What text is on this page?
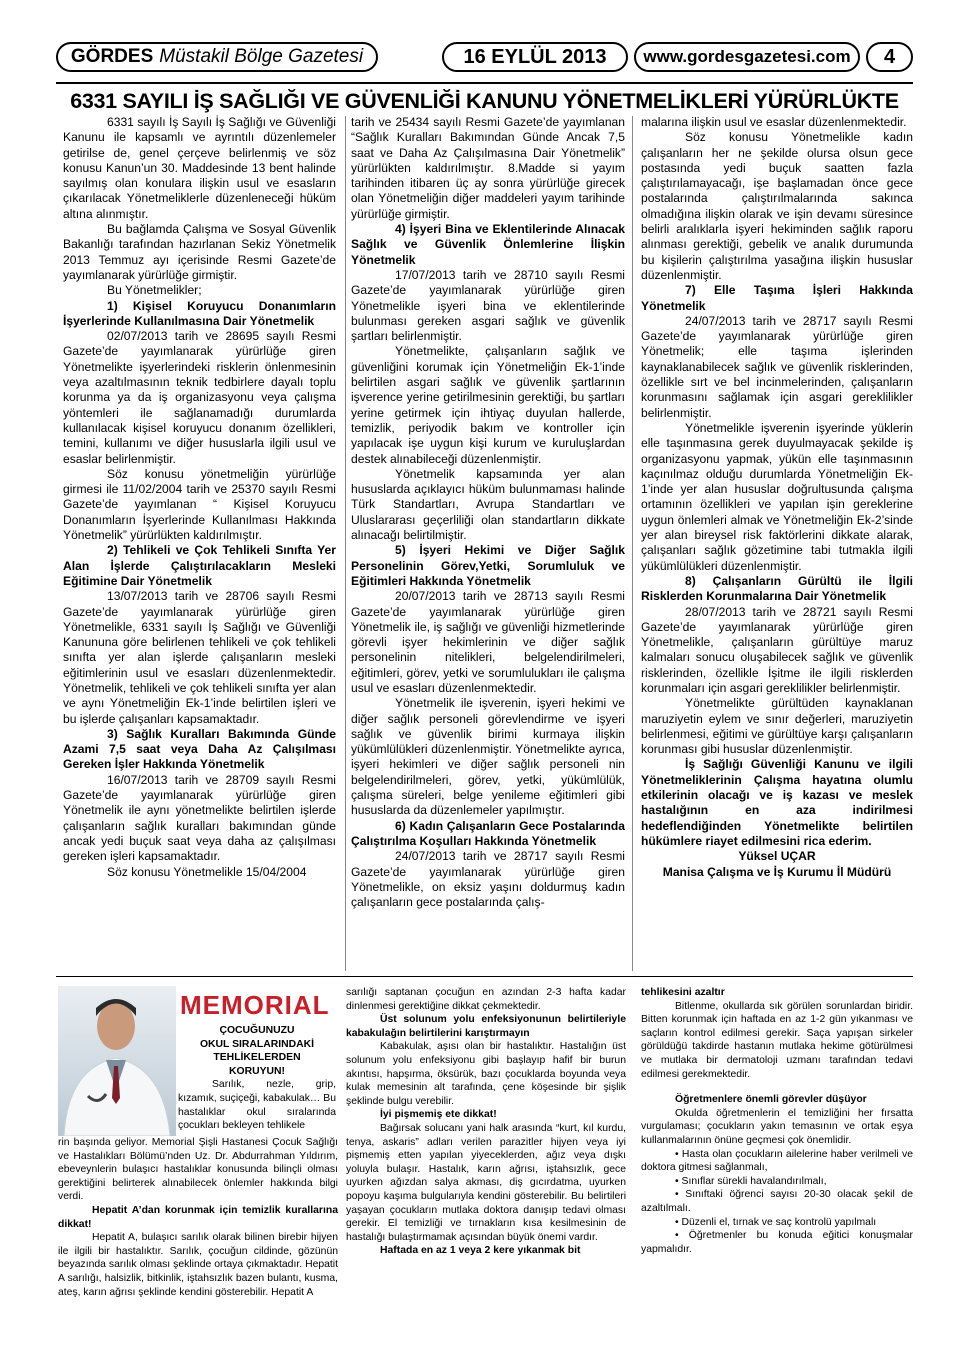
GÖRDES Müstakil Bölge Gazetesi	16 EYLÜL 2013	www.gordesgazetesi.com	4
6331 SAYILI İŞ SAĞLIĞI VE GÜVENLİĞİ KANUNU YÖNETMELİKLERİ YÜRÜRLÜKTE

6331 sayılı İş Sayılı İş Sağlığı ve Güvenliği Kanunu ile kapsamlı ve ayrıntılı düzenlemeler getirilse de, genel çerçeve belirlenmiş ve söz konusu Kanun’un 30. Maddesinde 13 bent halinde sayılmış olan konulara ilişkin usul ve esasların çıkarılacak Yönetmeliklerle düzenleneceği hüküm altına alınmıştır.

Bu bağlamda Çalışma ve Sosyal Güvenlik Bakanlığı tarafından hazırlanan Sekiz Yönetmelik 2013 Temmuz ayı içerisinde Resmi Gazete’de yayımlanarak yürürlüğe girmiştir.

Bu Yönetmelikler;

1) Kişisel Koruyucu Donanımların İşyerlerinde Kullanılmasına Dair Yönetmelik

02/07/2013 tarih ve 28695 sayılı Resmi Gazete’de yayımlanarak yürürlüğe giren Yönetmelikte işyerlerindeki risklerin önlenmesinin veya azaltılmasının teknik tedbirlere dayalı toplu korunma ya da iş organizasyonu veya çalışma yöntemleri ile sağlanamadığı durumlarda kullanılacak kişisel koruyucu donanım özellikleri, temini, kullanımı ve diğer hususlarla ilgili usul ve esaslar belirlenmiştir.

Söz konusu yönetmeliğin yürürlüğe girmesi ile 11/02/2004 tarih ve 25370 sayılı Resmi Gazete’de yayımlanan “ Kişisel Koruyucu Donanımların İşyerlerinde Kullanılması Hakkında Yönetmelik” yürürlükten kaldırılmıştır.

2) Tehlikeli ve Çok Tehlikeli Sınıfta Yer Alan İşlerde Çalıştırılacakların Mesleki Eğitimine Dair Yönetmelik

13/07/2013 tarih ve 28706 sayılı Resmi Gazete’de yayımlanarak yürürlüğe giren Yönetmelikle, 6331 sayılı İş Sağlığı ve Güvenliği Kanununa göre belirlenen tehlikeli ve çok tehlikeli sınıfta yer alan işlerde çalışanların mesleki eğitimlerinin usul ve esasları düzenlenmektedir. Yönetmelik, tehlikeli ve çok tehlikeli sınıfta yer alan ve aynı Yönetmeliğin Ek-1’inde belirtilen işleri ve bu işlerde çalışanları kapsamaktadır.

3) Sağlık Kuralları Bakımında Günde Azami 7,5 saat veya Daha Az Çalışılması Gereken İşler Hakkında Yönetmelik

16/07/2013 tarih ve 28709 sayılı Resmi Gazete’de yayımlanarak yürürlüğe giren Yönetmelik ile aynı yönetmelikte belirtilen işlerde çalışanların sağlık kuralları bakımından günde ancak yedi buçuk saat veya daha az çalışılması gereken işleri kapsamaktadır.

Söz konusu Yönetmelikle 15/04/2004

tarih ve 25434 sayılı Resmi Gazete’de yayımlanan “Sağlık Kuralları Bakımından Günde Ancak 7,5 saat ve Daha Az Çalışılmasına Dair Yönetmelik” yürürlükten kaldırılmıştır. 8.Madde si yayım tarihinden itibaren üç ay sonra yürürlüğe girecek olan Yönetmeliğin diğer maddeleri yayım tarihinde yürürlüğe girmiştir.

4) İşyeri Bina ve Eklentilerinde Alınacak Sağlık ve Güvenlik Önlemlerine İlişkin Yönetmelik

17/07/2013 tarih ve 28710 sayılı Resmi Gazete’de yayımlanarak yürürlüğe giren Yönetmelikle işyeri bina ve eklentilerinde bulunması gereken asgari sağlık ve güvenlik şartları belirlenmiştir.

Yönetmelikte, çalışanların sağlık ve güvenliğini korumak için Yönetmeliğin Ek-1’inde belirtilen asgari sağlık ve güvenlik şartlarının işverence yerine getirilmesinin gerektiği, bu şartları yerine getirmek için ihtiyaç duyulan hallerde, temizlik, periyodik bakım ve kontroller için yapılacak işe uygun kişi kurum ve kuruluşlardan destek alınabileceği düzenlenmiştir.

Yönetmelik kapsamında yer alan hususlarda açıklayıcı hüküm bulunmaması halinde Türk Standartları, Avrupa Standartları ve Uluslararası geçerliliği olan standartların dikkate alınacağı belirtilmiştir.

5) İşyeri Hekimi ve Diğer Sağlık Personelinin Görev,Yetki, Sorumluluk ve Eğitimleri Hakkında Yönetmelik

20/07/2013 tarih ve 28713 sayılı Resmi Gazete’de yayımlanarak yürürlüğe giren Yönetmelik ile, iş sağlığı ve güvenliği hizmetlerinde görevli işyer hekimlerinin ve diğer sağlık personelinin nitelikleri, belgelendirilmeleri, eğitimleri, görev, yetki ve sorumlulukları ile çalışma usul ve esasları düzenlenmektedir.

Yönetmelik ile işverenin, işyeri hekimi ve diğer sağlık personeli görevlendirme ve işyeri sağlık ve güvenlik birimi kurmaya ilişkin yükümlülükleri düzenlenmiştir. Yönetmelikte ayrıca, işyeri hekimleri ve diğer sağlık personeli nin belgelendirilmeleri, görev, yetki, yükümlülük, çalışma süreleri, belge yenileme eğitimleri gibi hususlarda da düzenlemeler yapılmıştır.

6) Kadın Çalışanların Gece Postalarında Çalıştırılma Koşulları Hakkında Yönetmelik

24/07/2013 tarih ve 28717 sayılı Resmi Gazete’de yayımlanarak yürürlüğe giren Yönetmelikle, on eksiz yaşını doldurmuş kadın çalışanların gece postalarında çalış-

malarına ilişkin usul ve esaslar düzenlenmektedir.

Söz konusu Yönetmelikle kadın çalışanların her ne şekilde olursa olsun gece postasında yedi buçuk saatten fazla çalıştırılamayacağı, işe başlamadan önce gece postalarında çalıştırılmalarında sakınca olmadığına ilişkin olarak ve işin devamı süresince belirli aralıklarla işyeri hekiminden sağlık raporu alınması gerektiği, gebelik ve analık durumunda bu kişilerin çalıştırılma yasağına ilişkin hususlar düzenlenmiştir.

7) Elle Taşıma İşleri Hakkında Yönetmelik

24/07/2013 tarih ve 28717 sayılı Resmi Gazete’de yayımlanarak yürürlüğe giren Yönetmelik; elle taşıma işlerinden kaynaklanabilecek sağlık ve güvenlik risklerinden, özellikle sırt ve bel incinmelerinden, çalışanların korunmasını sağlamak için asgari gereklilikler belirlenmiştir.

Yönetmelikle işverenin işyerinde yüklerin elle taşınmasına gerek duyulmayacak şekilde iş organizasyonu yapmak, yükün elle taşınmasının kaçınılmaz olduğu durumlarda Yönetmeliğin Ek-1’inde yer alan hususlar doğrultusunda çalışma ortamının özellikleri ve yapılan işin gereklerine uygun önlemleri almak ve Yönetmeliğin Ek-2’sinde yer alan bireysel risk faktörlerini dikkate alarak, çalışanları sağlık gözetimine tabi tutmakla ilgili yükümlülükleri düzenlenmiştir.

8) Çalışanların Gürültü ile İlgili Risklerden Korunmalarına Dair Yönetmelik

28/07/2013 tarih ve 28721 sayılı Resmi Gazete’de yayımlanarak yürürlüğe giren Yönetmelikle, çalışanların gürültüye maruz kalmaları sonucu oluşabilecek sağlık ve güvenlik risklerinden, özellikle İşitme ile ilgili risklerden korunmaları için asgari gereklilikler belirlenmiştir.

Yönetmelikte gürültüden kaynaklanan maruziyetin eylem ve sınır değerleri, maruziyetin belirlenmesi, eğitimi ve gürültüye karşı çalışanların korunması gibi hususlar düzenlenmiştir.

İş Sağlığı Güvenliği Kanunu ve ilgili Yönetmeliklerinin Çalışma hayatına olumlu etkilerinin olacağı ve iş kazası ve meslek hastalığının en aza indirilmesi hedeflendiğinden Yönetmelikte belirtilen hükümlere riayet edilmesini rica ederim.
Yüksel UÇAR
Manisa Çalışma ve İş Kurumu İl Müdürü
MEMORIAL
ÇOCUĞUNUZU
OKUL SIRALARINDAKİ
TEHLİKELERDEN
KORUYUN!

Sarılık, nezle, grip, kızamık, suçiçeği, kabakulak… Bu hastalıklar okul sıralarında çocukları bekleyen tehlikele

rin başında geliyor. Memorial Şişli Hastanesi Çocuk Sağlığı ve Hastalıkları Bölümü’nden Uz. Dr. Abdurrahman Yıldırım, ebeveynlerin bulaşıcı hastalıklar konusunda bilinçli olması gerektiğini belirterek alınabilecek önlemler hakkında bilgi verdi.

Hepatit A’dan korunmak için temizlik kurallarına dikkat!

Hepatit A, bulaşıcı sarılık olarak bilinen birebir hijyen ile ilgili bir hastalıktır. Sarılık, çocuğun cildinde, gözünün beyazında sarılık olması şeklinde ortaya çıkmaktadır. Hepatit A sarılığı, halsizlik, bitkinlik, iştahsızlık bazen bulantı, kusma, ateş, karın ağrısı şeklinde kendini gösterebilir. Hepatit A

sarılığı saptanan çocuğun en azından 2-3 hafta kadar dinlenmesi gerektiğine dikkat çekmektedir.

Üst solunum yolu enfeksiyonunun belirtileriyle kabakulağın belirtilerini karıştırmayın

Kabakulak, aşısı olan bir hastalıktır. Hastalığın üst solunum yolu enfeksiyonu gibi başlayıp hafif bir burun akıntısı, hapşırma, öksürük, bazı çocuklarda boyunda veya kulak memesinin alt tarafında, çene köşesinde bir şişlik şeklinde bulgu verebilir.

İyi pişmemiş ete dikkat!

Bağırsak solucanı yani halk arasında “kurt, kıl kurdu, tenya, askaris” adları verilen parazitler hijyen veya iyi pişmemiş etten yapılan yiyeceklerden, ağız veya dışkı yoluyla bulaşır. Hastalık, karın ağrısı, iştahsızlık, gece uyurken ağızdan salya akması, diş gıcırdatma, uyurken popoyu kaşıma bulgularıyla kendini gösterebilir. Bu belirtileri yaşayan çocukların mutlaka doktora danışıp tedavi olması gerekir. El temizliği ve tırnakların kısa kesilmesinin de hastalığı bulaştırmamak açısından büyük önemi vardır.

Haftada en az 1 veya 2 kere yıkanmak bit
tehlikesini azaltır

Bitlenme, okullarda sık görülen sorunlardan biridir. Bitten korunmak için haftada en az 1-2 gün yıkanması ve saçların kontrol edilmesi gerekir. Saça yapışan sirkeler görüldüğü takdirde hastanın mutlaka hekime götürülmesi ve mutlaka bir dermatoloji uzmanı tarafından tedavi edilmesi gerekmektedir.

Öğretmenlere önemli görevler düşüyor

Okulda öğretmenlerin el temizliğini her fırsatta vurgulaması; çocukların yakın temasının ve ortak eşya kullanmalarının önüne geçmesi çok önemlidir.

• Hasta olan çocukların ailelerine haber verilmeli ve doktora gitmesi sağlanmalı,

• Sınıflar sürekli havalandırılmalı,

• Sınıftaki öğrenci sayısı 20-30 olacak şekil de azaltılmalı.

• Düzenli el, tırnak ve saç kontrolü yapılmalı

• Öğretmenler bu konuda eğitici konuşmalar yapmalıdır.
